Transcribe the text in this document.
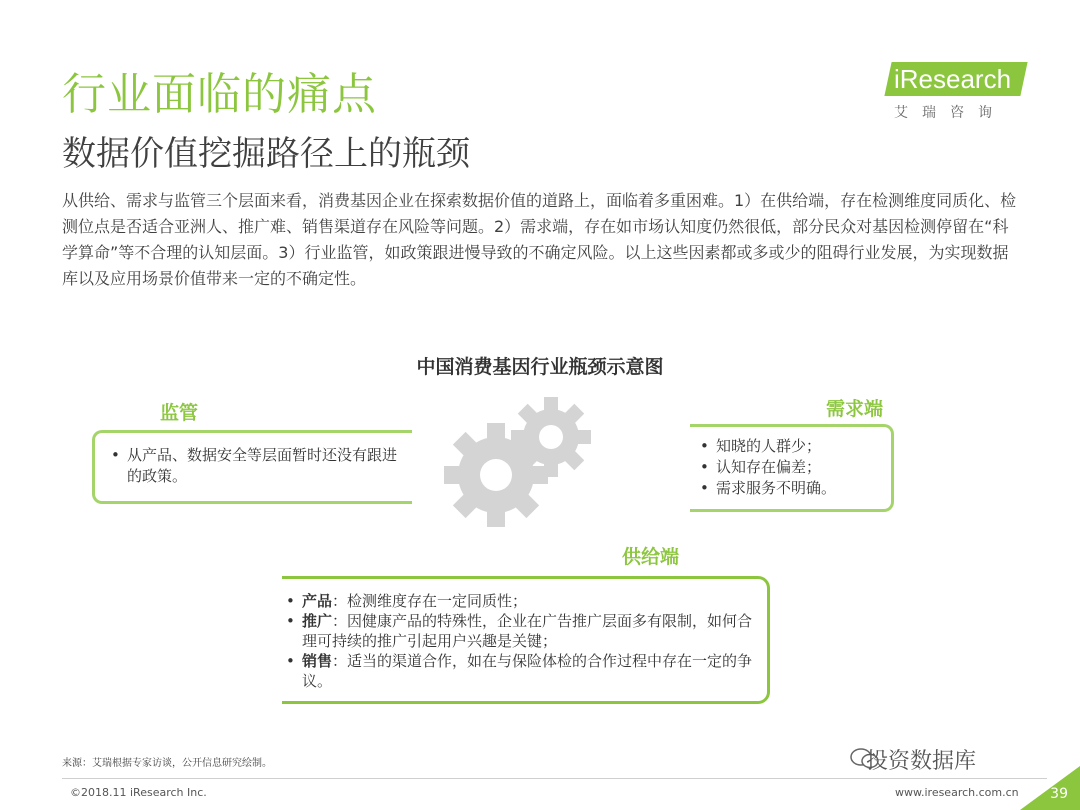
行业面临的痛点
数据价值挖掘路径上的瓶颈
iResearch
艾瑞咨询

从供给、需求与监管三个层面来看，消费基因企业在探索数据价值的道路上，面临着多重困难。1）在供给端，存在检测维度同质化、检测位点是否适合亚洲人、推广难、销售渠道存在风险等问题。2）需求端，存在如市场认知度仍然很低，部分民众对基因检测停留在“科学算命”等不合理的认知层面。3）行业监管，如政策跟进慢导致的不确定风险。以上这些因素都或多或少的阻碍行业发展，为实现数据库以及应用场景价值带来一定的不确定性。

中国消费基因行业瓶颈示意图
监管
• 从产品、数据安全等层面暂时还没有跟进的政策。
需求端
• 知晓的人群少；
• 认知存在偏差；
• 需求服务不明确。
供给端
• 产品：检测维度存在一定同质性；
• 推广：因健康产品的特殊性，企业在广告推广层面多有限制，如何合理可持续的推广引起用户兴趣是关键；
• 销售：适当的渠道合作，如在与保险体检的合作过程中存在一定的争议。
来源：艾瑞根据专家访谈，公开信息研究绘制。	投资数据库
©2018.11 iResearch Inc.	www.iresearch.com.cn 39
